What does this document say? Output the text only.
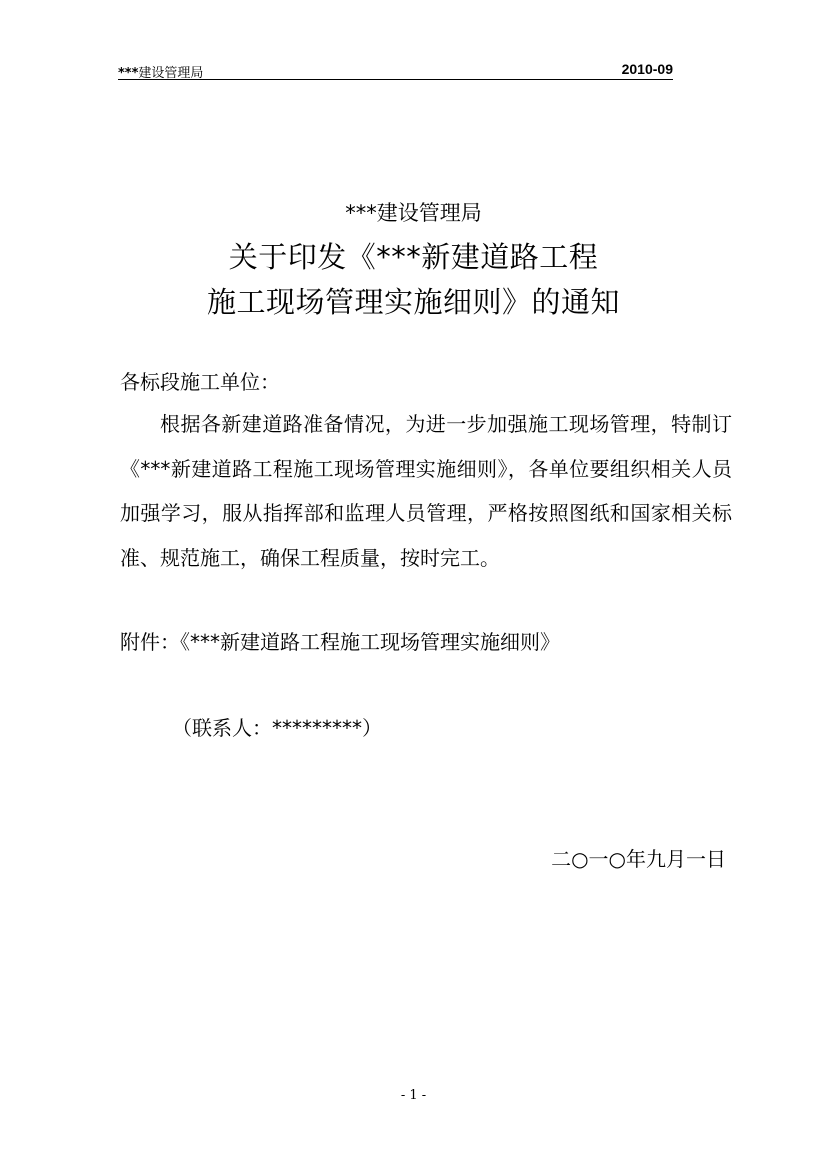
***建设管理局	2010-09
***建设管理局
关于印发《***新建道路工程
施工现场管理实施细则》的通知
各标段施工单位：
根据各新建道路准备情况，为进一步加强施工现场管理，特制订《***新建道路工程施工现场管理实施细则》，各单位要组织相关人员加强学习，服从指挥部和监理人员管理，严格按照图纸和国家相关标准、规范施工，确保工程质量，按时完工。
附件：《***新建道路工程施工现场管理实施细则》
（联系人：*********）
二○一○年九月一日
- 1 -
